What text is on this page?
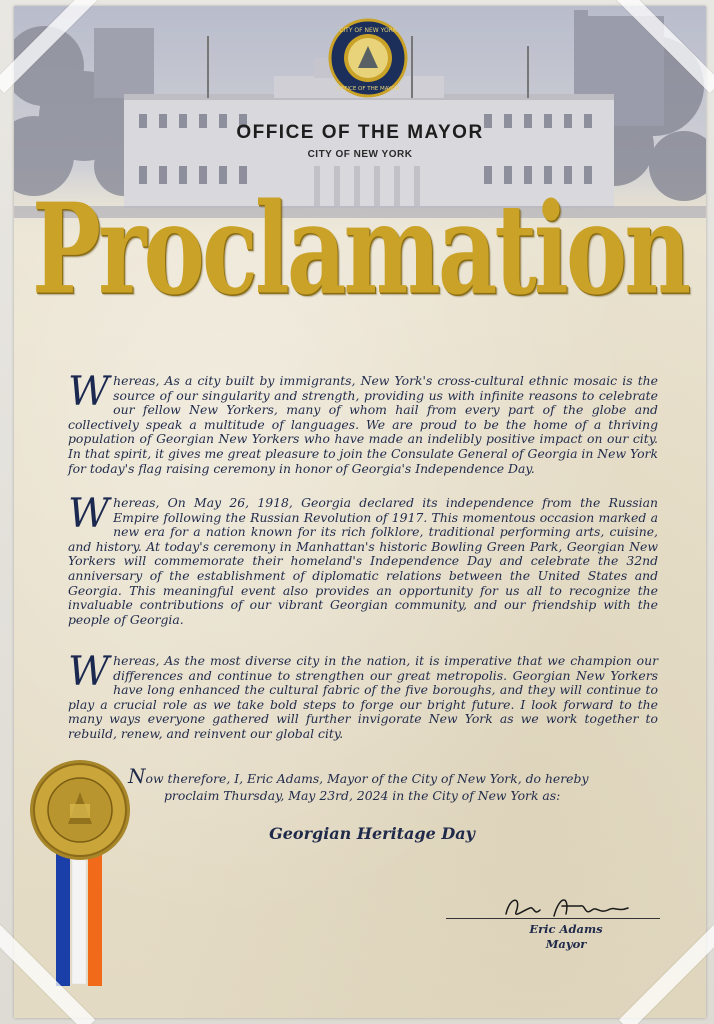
CITY OF NEW YORK
OFFICE OF THE MAYOR
OFFICE OF THE MAYOR
CITY OF NEW YORK
Proclamation
Whereas, As a city built by immigrants, New York's cross-cultural ethnic mosaic is the source of our singularity and strength, providing us with infinite reasons to celebrate our fellow New Yorkers, many of whom hail from every part of the globe and collectively speak a multitude of languages. We are proud to be the home of a thriving population of Georgian New Yorkers who have made an indelibly positive impact on our city. In that spirit, it gives me great pleasure to join the Consulate General of Georgia in New York for today's flag raising ceremony in honor of Georgia's Independence Day.
Whereas, On May 26, 1918, Georgia declared its independence from the Russian Empire following the Russian Revolution of 1917. This momentous occasion marked a new era for a nation known for its rich folklore, traditional performing arts, cuisine, and history. At today's ceremony in Manhattan's historic Bowling Green Park, Georgian New Yorkers will commemorate their homeland's Independence Day and celebrate the 32nd anniversary of the establishment of diplomatic relations between the United States and Georgia. This meaningful event also provides an opportunity for us all to recognize the invaluable contributions of our vibrant Georgian community, and our friendship with the people of Georgia.
Whereas, As the most diverse city in the nation, it is imperative that we champion our differences and continue to strengthen our great metropolis. Georgian New Yorkers have long enhanced the cultural fabric of the five boroughs, and they will continue to play a crucial role as we take bold steps to forge our bright future. I look forward to the many ways everyone gathered will further invigorate New York as we work together to rebuild, renew, and reinvent our global city.
Now therefore, I, Eric Adams, Mayor of the City of New York, do hereby
proclaim Thursday, May 23rd, 2024 in the City of New York as:
Georgian Heritage Day
Eric Adams
Mayor
